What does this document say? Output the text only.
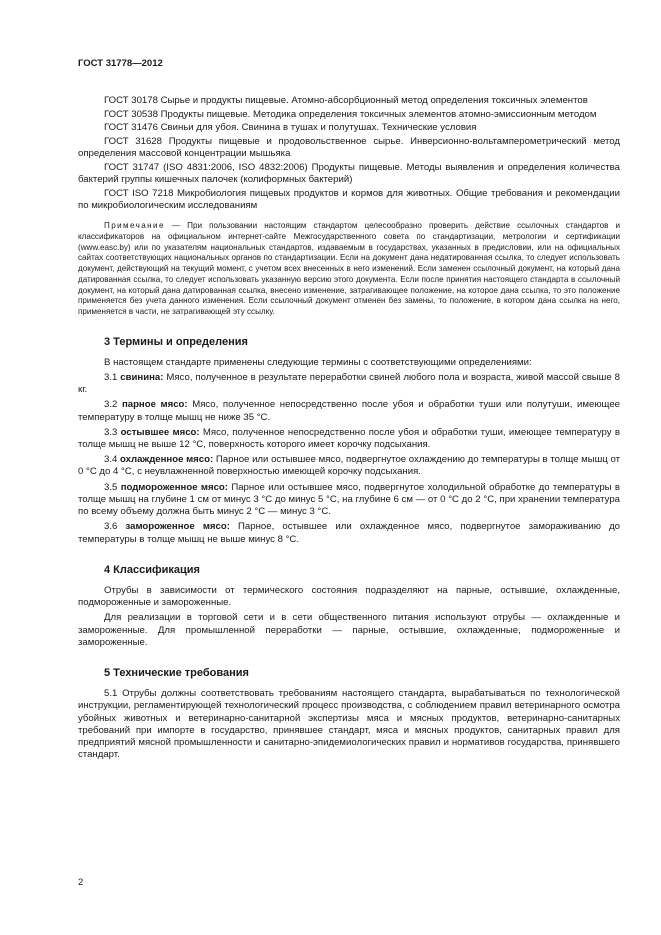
ГОСТ 31778—2012

ГОСТ 30178 Сырье и продукты пищевые. Атомно-абсорбционный метод определения токсичных элементов

ГОСТ 30538 Продукты пищевые. Методика определения токсичных элементов атомно-эмиссионным методом

ГОСТ 31476 Свиньи для убоя. Свинина в тушах и полутушах. Технические условия

ГОСТ 31628 Продукты пищевые и продовольственное сырье. Инверсионно-вольтамперометрический метод определения массовой концентрации мышьяка

ГОСТ 31747 (ISO 4831:2006, ISO 4832:2006) Продукты пищевые. Методы выявления и определения количества бактерий группы кишечных палочек (колиформных бактерий)

ГОСТ ISO 7218 Микробиология пищевых продуктов и кормов для животных. Общие требования и рекомендации по микробиологическим исследованиям

Примечание — При пользовании настоящим стандартом целесообразно проверить действие ссылочных стандартов и классификаторов на официальном интернет-сайте Межгосударственного совета по стандартизации, метрологии и сертификации (www.easc.by) или по указателям национальных стандартов, издаваемым в государствах, указанных в предисловии, или на официальных сайтах соответствующих национальных органов по стандартизации. Если на документ дана недатированная ссылка, то следует использовать документ, действующий на текущий момент, с учетом всех внесенных в него изменений. Если заменен ссылочный документ, на который дана датированная ссылка, то следует использовать указанную версию этого документа. Если после принятия настоящего стандарта в ссылочный документ, на который дана датированная ссылка, внесено изменение, затрагивающее положение, на которое дана ссылка, то это положение применяется без учета данного изменения. Если ссылочный документ отменен без замены, то положение, в котором дана ссылка на него, применяется в части, не затрагивающей эту ссылку.

3 Термины и определения

В настоящем стандарте применены следующие термины с соответствующими определениями:

3.1 свинина: Мясо, полученное в результате переработки свиней любого пола и возраста, живой массой свыше 8 кг.

3.2 парное мясо: Мясо, полученное непосредственно после убоя и обработки туши или полутуши, имеющее температуру в толще мышц не ниже 35 °С.

3.3 остывшее мясо: Мясо, полученное непосредственно после убоя и обработки туши, имеющее температуру в толще мышц не выше 12 °С, поверхность которого имеет корочку подсыхания.

3.4 охлажденное мясо: Парное или остывшее мясо, подвергнутое охлаждению до температуры в толще мышц от 0 °С до 4 °С, с неувлажненной поверхностью имеющей корочку подсыхания.

3.5 подмороженное мясо: Парное или остывшее мясо, подвергнутое холодильной обработке до температуры в толще мышц на глубине 1 см от минус 3 °С до минус 5 °С, на глубине 6 см — от 0 °С до 2 °С, при хранении температура по всему объему должна быть минус 2 °С — минус 3 °С.

3.6 замороженное мясо: Парное, остывшее или охлажденное мясо, подвергнутое замораживанию до температуры в толще мышц не выше минус 8 °С.

4 Классификация

Отрубы в зависимости от термического состояния подразделяют на парные, остывшие, охлажденные, подмороженные и замороженные.

Для реализации в торговой сети и в сети общественного питания используют отрубы — охлажденные и замороженные. Для промышленной переработки — парные, остывшие, охлажденные, подмороженные и замороженные.

5 Технические требования

5.1 Отрубы должны соответствовать требованиям настоящего стандарта, вырабатываться по технологической инструкции, регламентирующей технологический процесс производства, с соблюдением правил ветеринарного осмотра убойных животных и ветеринарно-санитарной экспертизы мяса и мясных продуктов, ветеринарно-санитарных требований при импорте в государство, принявшее стандарт, мяса и мясных продуктов, санитарных правил для предприятий мясной промышленности и санитарно-эпидемиологических правил и нормативов государства, принявшего стандарт.

2
